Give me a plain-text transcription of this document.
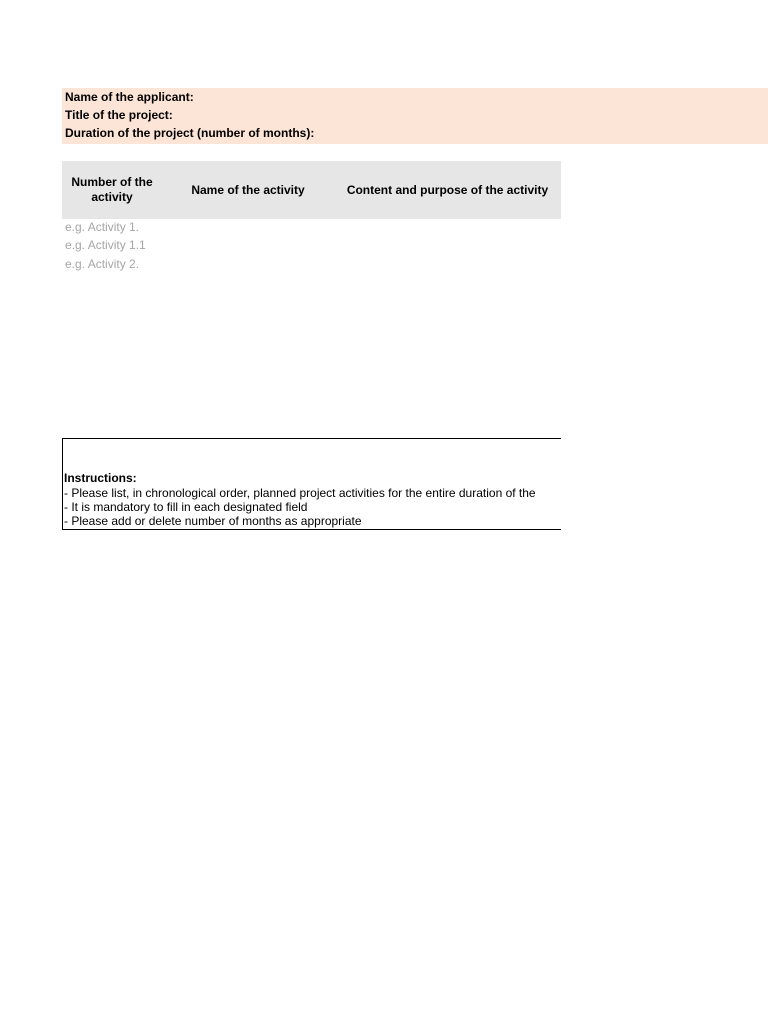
Name of the applicant:
Title of the project:
Duration of the project (number of months):
Number of the activity
Name of the activity	Content and purpose of the activity
e.g. Activity 1.
e.g. Activity 1.1
e.g. Activity 2.
Instructions:
- Please list, in chronological order, planned project activities for the entire duration of the
- It is mandatory to fill in each designated field
- Please add or delete number of months as appropriate
